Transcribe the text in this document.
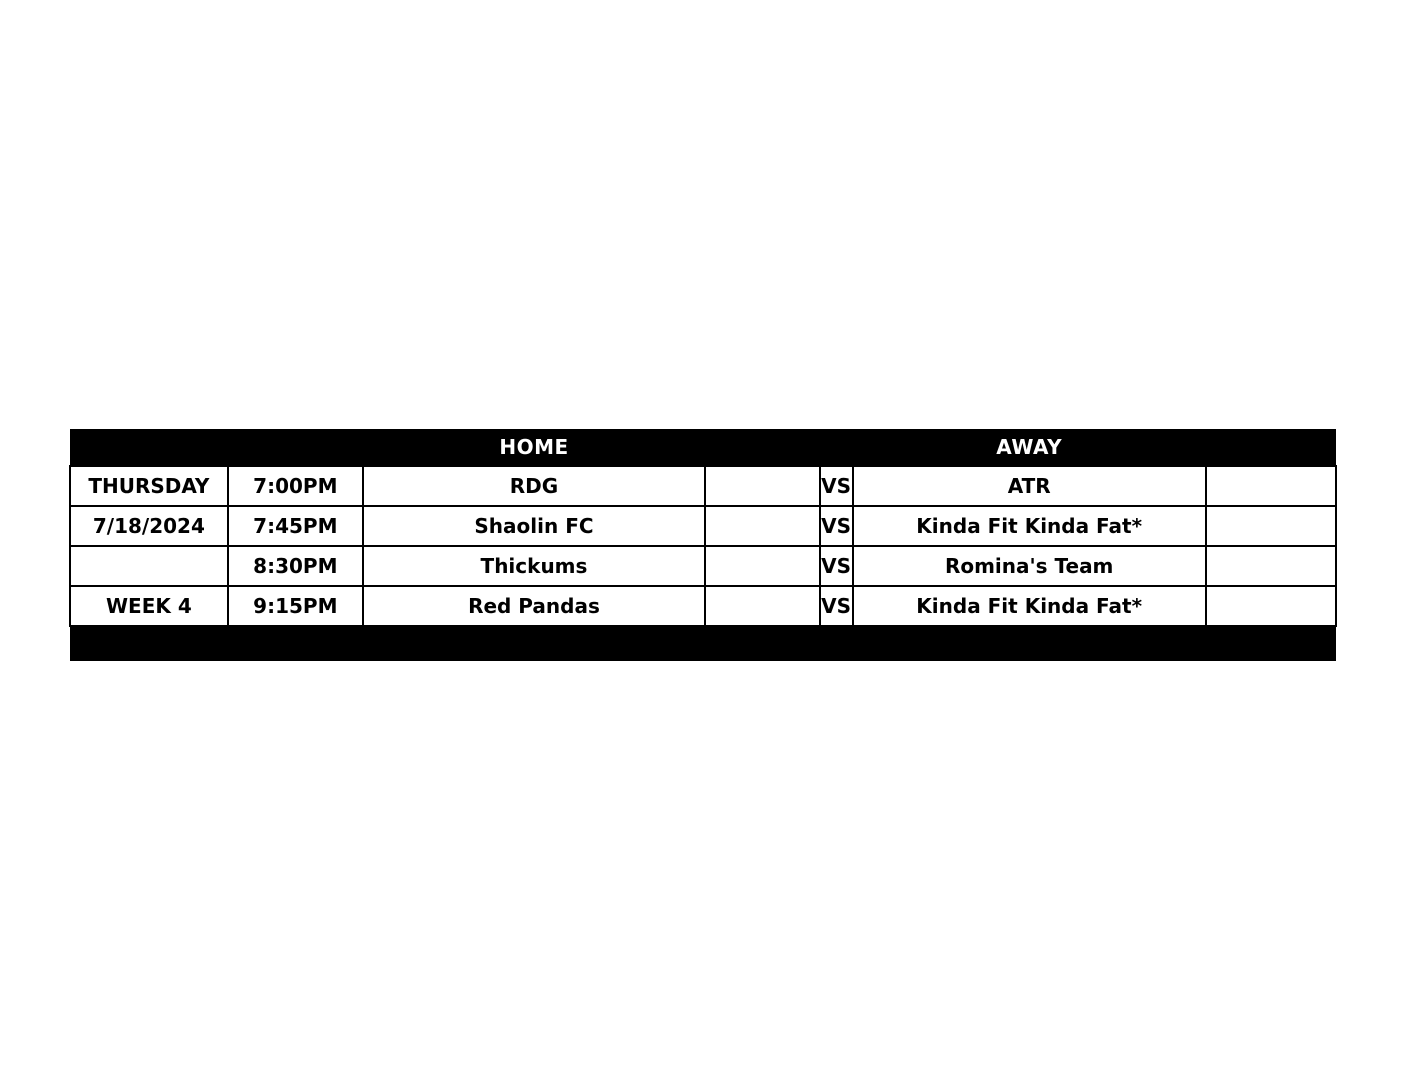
		HOME			AWAY	
THURSDAY	7:00PM	RDG		VS	ATR	
7/18/2024	7:45PM	Shaolin FC		VS	Kinda Fit Kinda Fat*	
	8:30PM	Thickums		VS	Romina's Team	
WEEK 4	9:15PM	Red Pandas		VS	Kinda Fit Kinda Fat*	
		HOME WEAR LIGHT COLOR			AWAY WEAR DARK COLOR	
